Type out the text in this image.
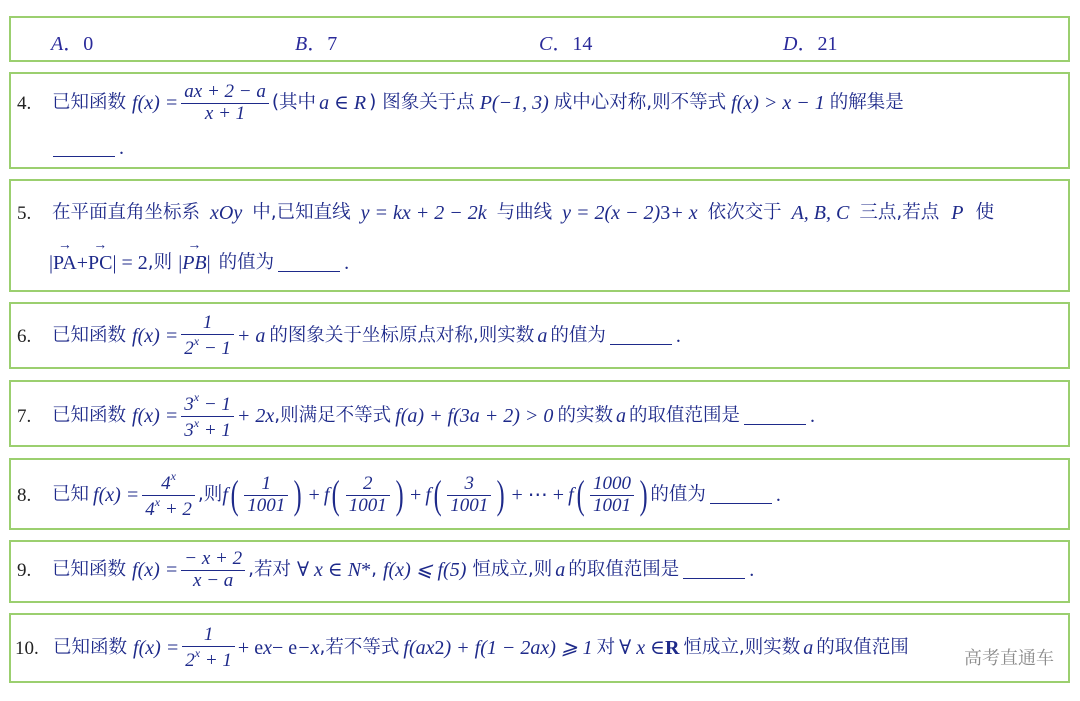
A．0	B．7	C．14	D．21
4.	已知函数 $f(x) = \frac{ax + 2 - a}{x + 1}$ (其中 a ∈ R ) 图象关于点 P(−1, 3) 成中心对称,则不等式 f(x) > x − 1 的解集是
.
5.	在平面直角坐标系 xOy 中,已知直线 y = kx + 2 − 2k 与曲线 y = 2(x − 2) 3 + x 依次交于 A, B, C 三点,若点 P 使
| → PA + → PC | = 2 ,则 | → PB | 的值为	.
6.	已知函数 $f(x) = \frac{1}{2^x - 1} + a$ 的图象关于坐标原点对称,则实数 a 的值为	.
7.	已知函数 $f(x) = \frac{3^x - 1}{3^x + 1} + 2x$ ,则满足不等式 f(a) + f(3a + 2) > 0 的实数 a 的取值范围是	.
8.	已知 $f(x) = \frac{4^x}{4^x + 2}$ ,则 f ( $\frac{1}{1001}$ ) + f ( $\frac{2}{1001}$ ) + f ( $\frac{3}{1001}$ ) + ⋯ + f ( $\frac{1000}{1001}$ ) 的值为	.
9.	已知函数 $f(x) = \frac{- x + 2}{x - a}$ ,若对 ∀ x ∈ N * , f(x) ⩽ f(5) 恒成立,则 a 的取值范围是	.
10. 已知函数 $f(x) = \frac{1}{2^x + 1} + e$ x − e −x ,若不等式 f(ax 2 ) + f(1 − 2ax) ⩾ 1 对 ∀ x ∈ R 恒成立,则实数 a 的取值范围
高考直通车
